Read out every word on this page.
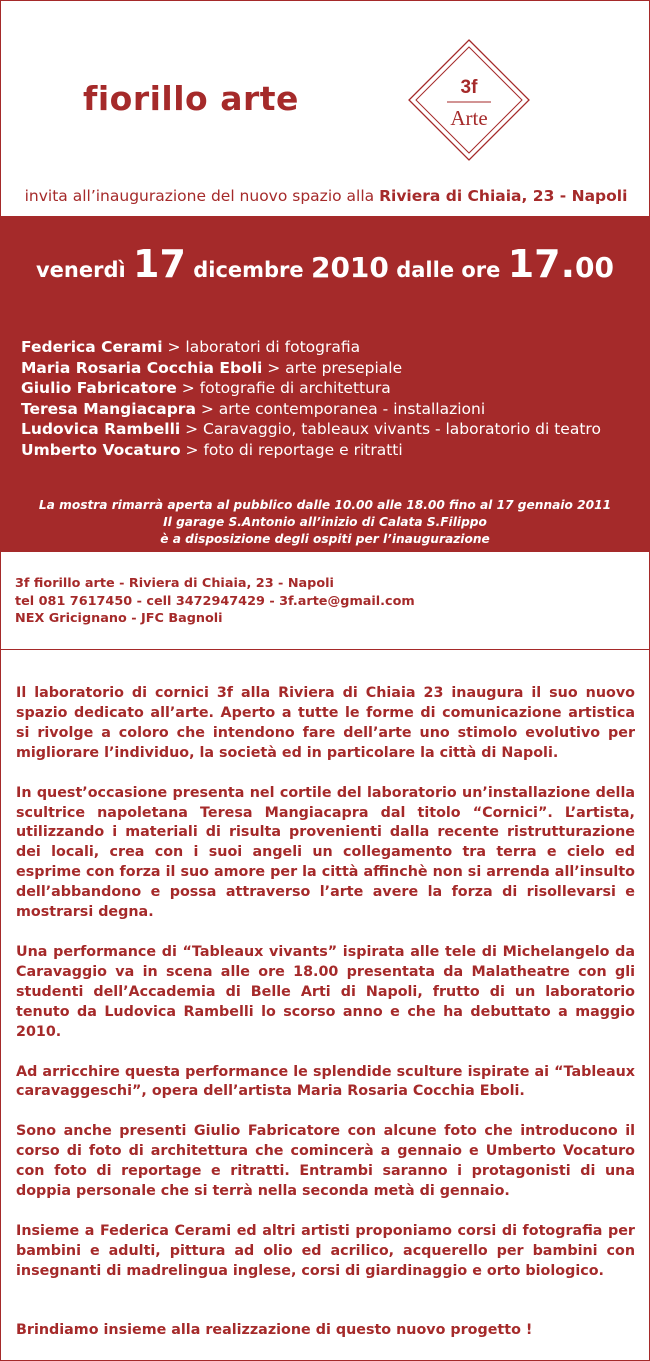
fiorillo arte	3f
Arte
invita all’inaugurazione del nuovo spazio alla Riviera di Chiaia, 23 - Napoli
venerdì 17 dicembre 2010 dalle ore 17.00
Federica Cerami > laboratori di fotografia
Maria Rosaria Cocchia Eboli > arte presepiale
Giulio Fabricatore > fotografie di architettura
Teresa Mangiacapra > arte contemporanea - installazioni
Ludovica Rambelli > Caravaggio, tableaux vivants - laboratorio di teatro
Umberto Vocaturo > foto di reportage e ritratti
La mostra rimarrà aperta al pubblico dalle 10.00 alle 18.00 fino al 17 gennaio 2011
Il garage S.Antonio all’inizio di Calata S.Filippo
è a disposizione degli ospiti per l’inaugurazione
3f fiorillo arte - Riviera di Chiaia, 23 - Napoli
tel 081 7617450 - cell 3472947429 - 3f.arte@gmail.com
NEX Gricignano - JFC Bagnoli

Il laboratorio di cornici 3f alla Riviera di Chiaia 23 inaugura il suo nuovo spazio dedicato all’arte. Aperto a tutte le forme di comunicazione artistica si rivolge a coloro che intendono fare dell’arte uno stimolo evolutivo per migliorare l’individuo, la società ed in particolare la città di Napoli.

In quest’occasione presenta nel cortile del laboratorio un’installazione della scultrice napoletana Teresa Mangiacapra dal titolo “Cornici”. L’artista, utilizzando i materiali di risulta provenienti dalla recente ristrutturazione dei locali, crea con i suoi angeli un collegamento tra terra e cielo ed esprime con forza il suo amore per la città affinchè non si arrenda all’insulto dell’abbandono e possa attraverso l’arte avere la forza di risollevarsi e mostrarsi degna.

Una performance di “Tableaux vivants” ispirata alle tele di Michelangelo da Caravaggio va in scena alle ore 18.00 presentata da Malatheatre con gli studenti dell’Accademia di Belle Arti di Napoli, frutto di un laboratorio tenuto da Ludovica Rambelli lo scorso anno e che ha debuttato a maggio 2010.

Ad arricchire questa performance le splendide sculture ispirate ai “Tableaux caravaggeschi”, opera dell’artista Maria Rosaria Cocchia Eboli.

Sono anche presenti Giulio Fabricatore con alcune foto che introducono il corso di foto di architettura che comincerà a gennaio e Umberto Vocaturo con foto di reportage e ritratti. Entrambi saranno i protagonisti di una doppia personale che si terrà nella seconda metà di gennaio.

Insieme a Federica Cerami ed altri artisti proponiamo corsi di fotografia per bambini e adulti, pittura ad olio ed acrilico, acquerello per bambini con insegnanti di madrelingua inglese, corsi di giardinaggio e orto biologico.

Brindiamo insieme alla realizzazione di questo nuovo progetto !
